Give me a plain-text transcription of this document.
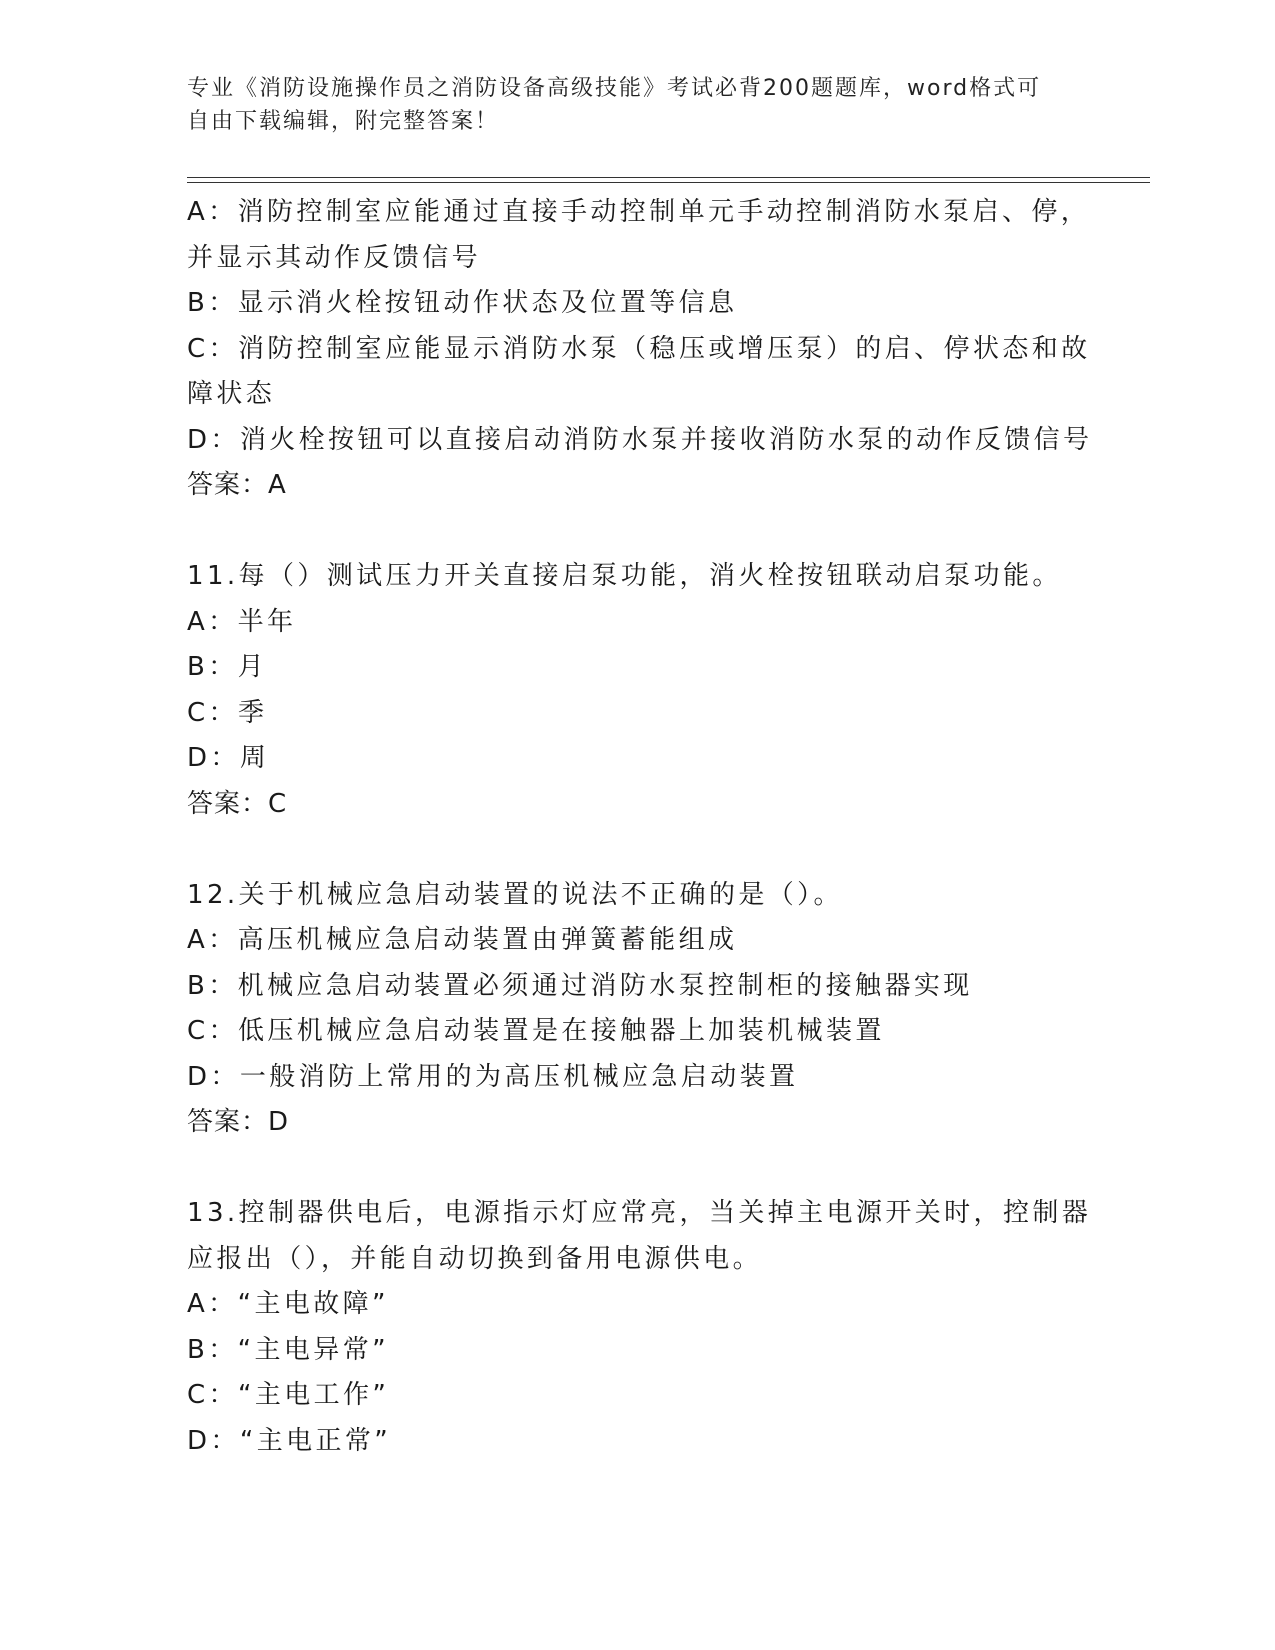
专业《消防设施操作员之消防设备高级技能》考试必背200题题库，word格式可
自由下载编辑，附完整答案！
A：消防控制室应能通过直接手动控制单元手动控制消防水泵启、停，
并显示其动作反馈信号
B：显示消火栓按钮动作状态及位置等信息
C：消防控制室应能显示消防水泵（稳压或增压泵）的启、停状态和故
障状态
D：消火栓按钮可以直接启动消防水泵并接收消防水泵的动作反馈信号
答案：A
11.每（）测试压力开关直接启泵功能，消火栓按钮联动启泵功能。
A：半年
B：月
C：季
D：周
答案：C
12.关于机械应急启动装置的说法不正确的是（）。
A：高压机械应急启动装置由弹簧蓄能组成
B：机械应急启动装置必须通过消防水泵控制柜的接触器实现
C：低压机械应急启动装置是在接触器上加装机械装置
D：一般消防上常用的为高压机械应急启动装置
答案：D
13.控制器供电后，电源指示灯应常亮，当关掉主电源开关时，控制器
应报出（），并能自动切换到备用电源供电。
A：“主电故障”
B：“主电异常”
C：“主电工作”
D：“主电正常”
